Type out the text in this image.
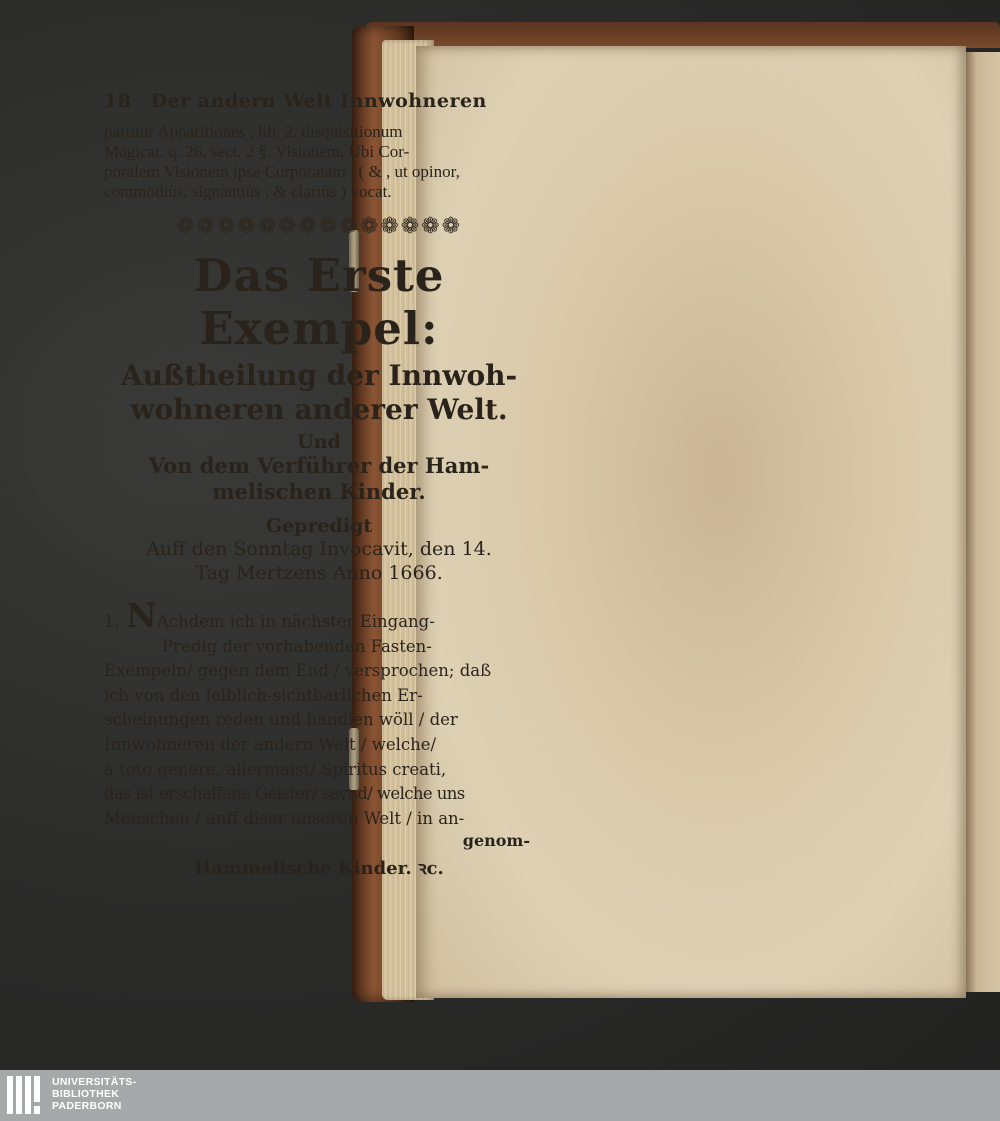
18 Der andern Welt Innwohneren

partitur Apparitiones , lib. 2. disquisitionum
Magicar. q. 26. sect. 2 §. Visionem. Ubi Cor-
poralem Visionem ipse Corporatam , ( & , ut opinor,
commodiùs, signantiùs , & clariùs ) vocat.

❁❁❁❁❁❁❁❁❁❁❁❁❁❁
Das Erste Exempel:

Außtheilung der Innwoh-
wohneren anderer Welt.

Und

Von dem Verführer der Ham-
melischen Kinder.

Gepredigt

Auff den Sonntag Invocavit, den 14.
Tag Mertzens Anno 1666.

1. NAchdem ich in nächster Eingang-
Predig der vorhabenden Fasten-
Exempeln/ gegen dem End / versprochen; daß
ich von den leiblich-sichtbarlichen Er-
scheinungen reden und handlen wöll / der
Innwohneren der andern Welt / welche/
à toto genere, allermaist/ Spiritus creati,
das ist erschaffene Geister/ seynd/ welche uns
Menschen / auff diser unseren Welt / in an-

genom-

Hammelische Kinder. ꝛc.

UNIVERSITÄTS-
BIBLIOTHEK
PADERBORN
